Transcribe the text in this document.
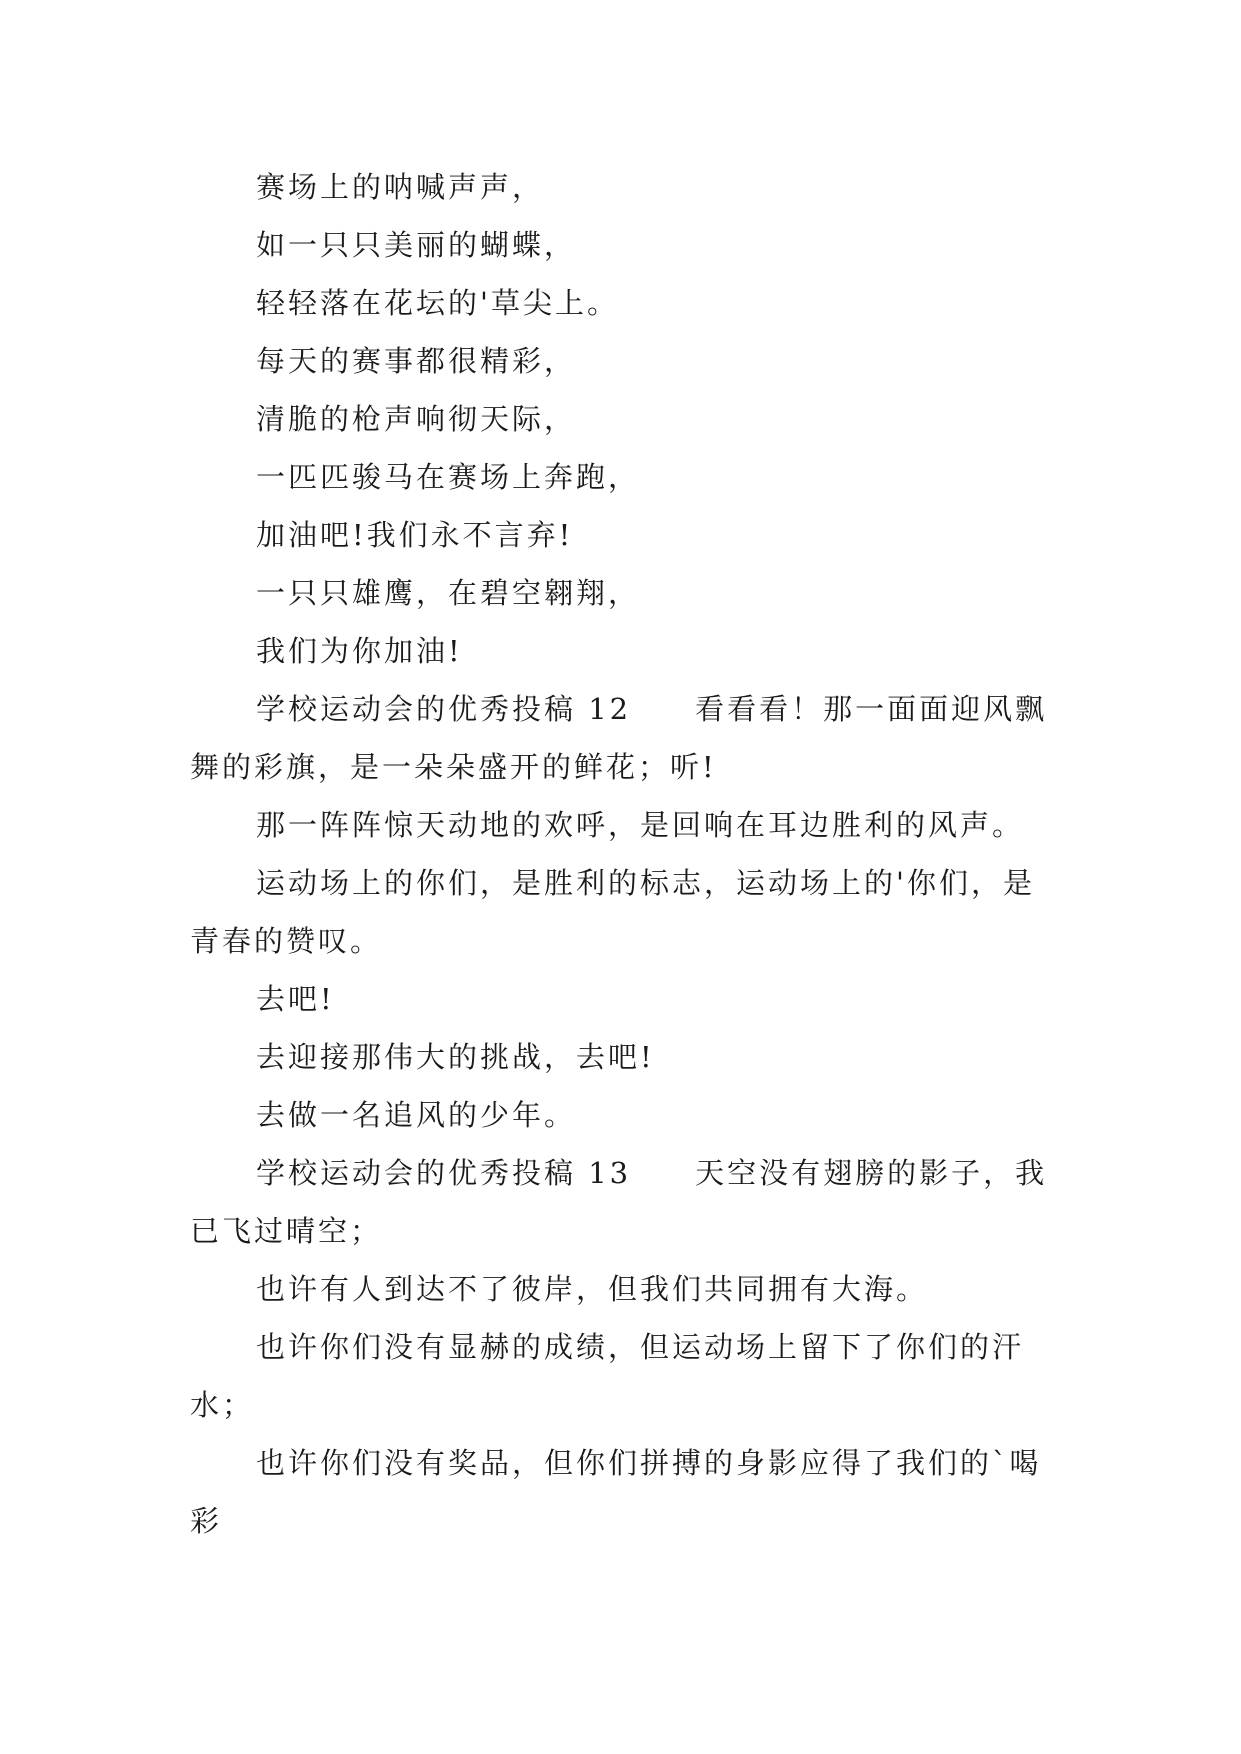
赛场上的呐喊声声，

如一只只美丽的蝴蝶，

轻轻落在花坛的'草尖上。

每天的赛事都很精彩，

清脆的枪声响彻天际，

一匹匹骏马在赛场上奔跑，

加油吧!我们永不言弃!

一只只雄鹰，在碧空翱翔，

我们为你加油!

学校运动会的优秀投稿 12　　看看看！那一面面迎风飘舞的彩旗，是一朵朵盛开的鲜花；听!

那一阵阵惊天动地的欢呼，是回响在耳边胜利的风声。

运动场上的你们，是胜利的标志，运动场上的'你们，是青春的赞叹。

去吧!

去迎接那伟大的挑战，去吧!

去做一名追风的少年。

学校运动会的优秀投稿 13　　天空没有翅膀的影子，我已飞过晴空；

也许有人到达不了彼岸，但我们共同拥有大海。

也许你们没有显赫的成绩，但运动场上留下了你们的汗水；

也许你们没有奖品，但你们拼搏的身影应得了我们的`喝彩
